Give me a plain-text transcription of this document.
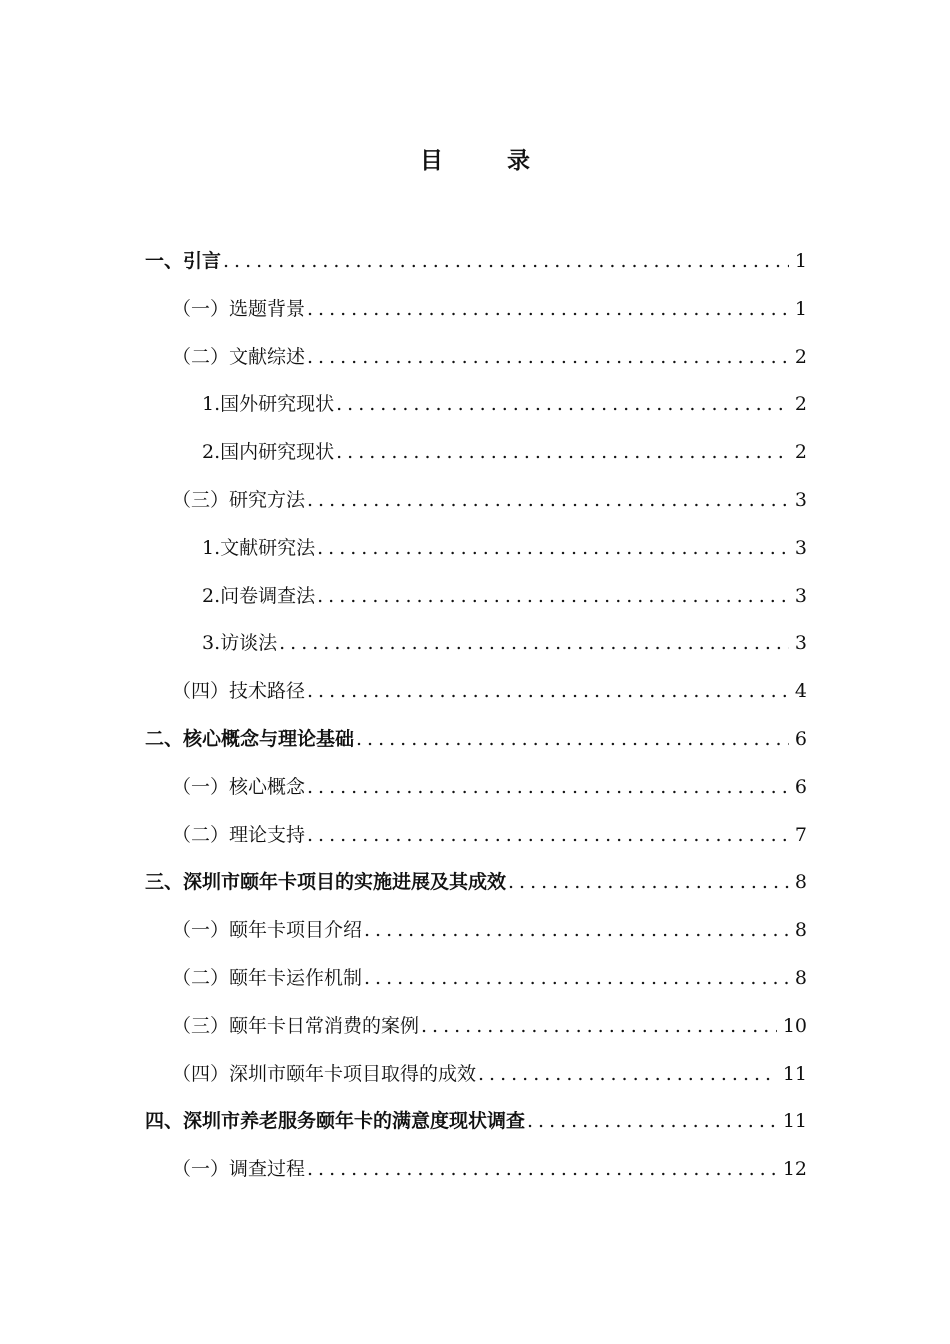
目 录
一、引言 .....	1
（一）选题背景 .....	1
（二）文献综述 .....	2
1.国外研究现状 .....	2
2.国内研究现状 .....	2
（三）研究方法 .....	3
1.文献研究法 .....	3
2.问卷调查法 .....	3
3.访谈法 .....	3
（四）技术路径 .....	4
二、核心概念与理论基础 .....	6
（一）核心概念 .....	6
（二）理论支持 .....	7
三、深圳市颐年卡项目的实施进展及其成效 .....	8
（一）颐年卡项目介绍 .....	8
（二）颐年卡运作机制 .....	8
（三）颐年卡日常消费的案例 .....	10
（四）深圳市颐年卡项目取得的成效 .....	11
四、深圳市养老服务颐年卡的满意度现状调查 .....	11
（一）调查过程 .....	12
